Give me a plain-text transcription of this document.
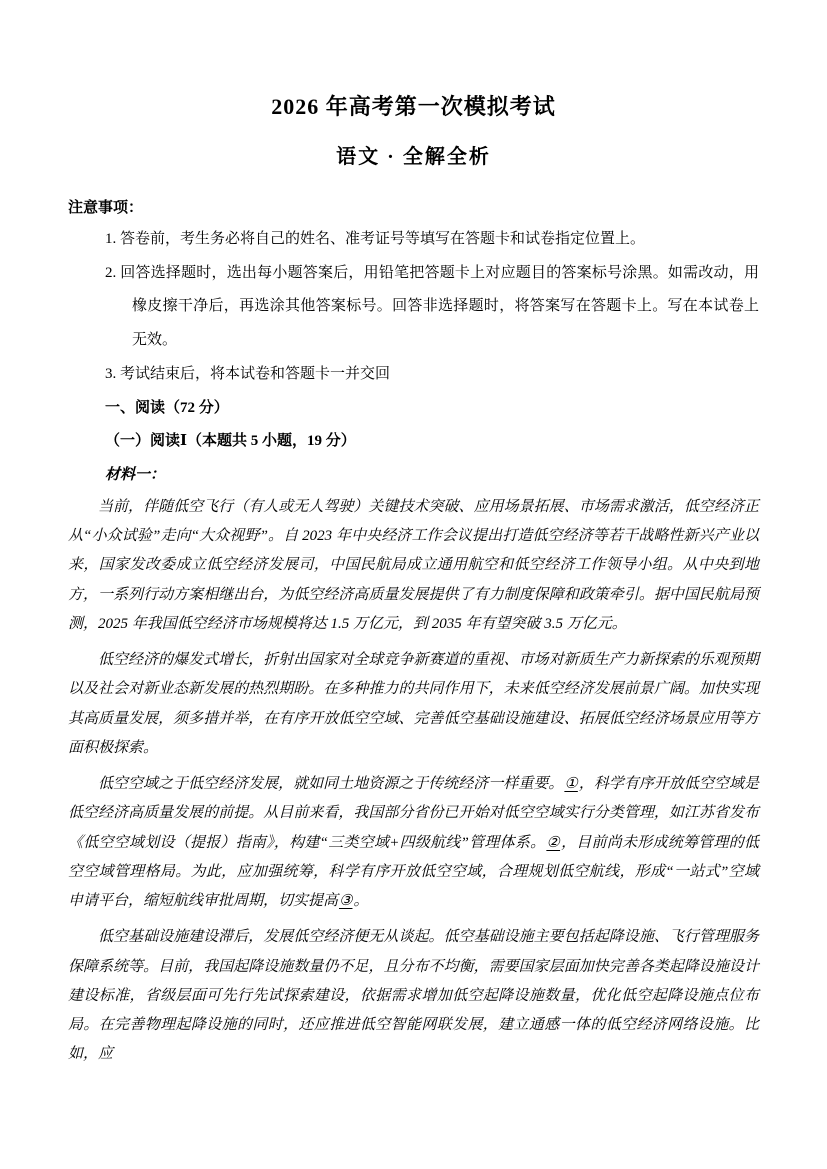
2026 年高考第一次模拟考试
语文 · 全解全析
注意事项：
1. 答卷前，考生务必将自己的姓名、准考证号等填写在答题卡和试卷指定位置上。
2. 回答选择题时，选出每小题答案后，用铅笔把答题卡上对应题目的答案标号涂黑。如需改动，用橡皮擦干净后，再选涂其他答案标号。回答非选择题时，将答案写在答题卡上。写在本试卷上无效。
3. 考试结束后，将本试卷和答题卡一并交回
一、阅读（72 分）
（一）阅读Ⅰ（本题共 5 小题，19 分）
材料一：

当前，伴随低空飞行（有人或无人驾驶）关键技术突破、应用场景拓展、市场需求激活，低空经济正从“小众试验”走向“大众视野”。自 2023 年中央经济工作会议提出打造低空经济等若干战略性新兴产业以来，国家发改委成立低空经济发展司，中国民航局成立通用航空和低空经济工作领导小组。从中央到地方，一系列行动方案相继出台，为低空经济高质量发展提供了有力制度保障和政策牵引。据中国民航局预测，2025 年我国低空经济市场规模将达 1.5 万亿元，到 2035 年有望突破 3.5 万亿元。

低空经济的爆发式增长，折射出国家对全球竞争新赛道的重视、市场对新质生产力新探索的乐观预期以及社会对新业态新发展的热烈期盼。在多种推力的共同作用下，未来低空经济发展前景广阔。加快实现其高质量发展，须多措并举，在有序开放低空空域、完善低空基础设施建设、拓展低空经济场景应用等方面积极探索。

低空空域之于低空经济发展，就如同土地资源之于传统经济一样重要。①，科学有序开放低空空域是低空经济高质量发展的前提。从目前来看，我国部分省份已开始对低空空域实行分类管理，如江苏省发布《低空空域划设（提报）指南》，构建“三类空域+四级航线”管理体系。②，目前尚未形成统筹管理的低空空域管理格局。为此，应加强统筹，科学有序开放低空空域，合理规划低空航线，形成“一站式”空域申请平台，缩短航线审批周期，切实提高③。

低空基础设施建设滞后，发展低空经济便无从谈起。低空基础设施主要包括起降设施、飞行管理服务保障系统等。目前，我国起降设施数量仍不足，且分布不均衡，需要国家层面加快完善各类起降设施设计建设标准，省级层面可先行先试探索建设，依据需求增加低空起降设施数量，优化低空起降设施点位布局。在完善物理起降设施的同时，还应推进低空智能网联发展，建立通感一体的低空经济网络设施。比如，应
